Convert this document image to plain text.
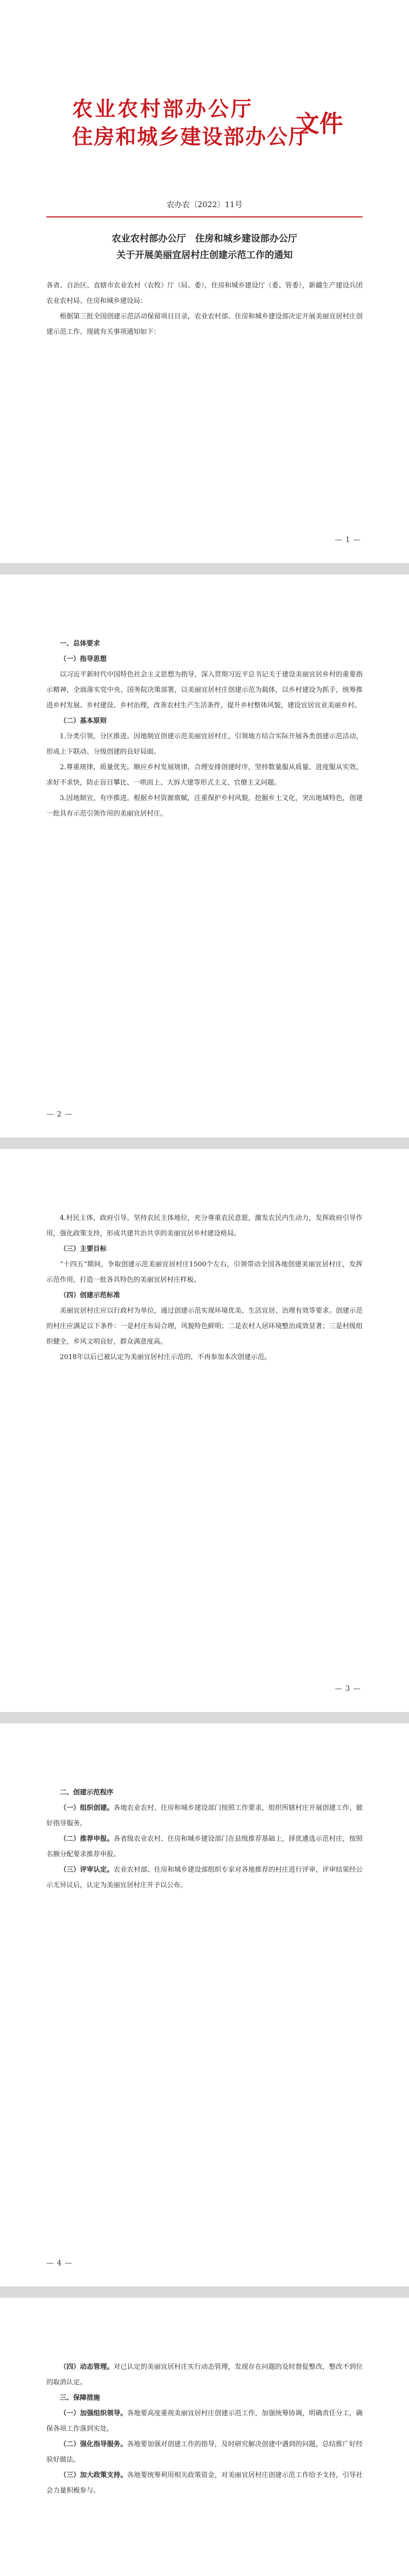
农业农村部办公厅
住房和城乡建设部办公厅
文件
农办农〔2022〕11号
农业农村部办公厅　住房和城乡建设部办公厅
关于开展美丽宜居村庄创建示范工作的通知

各省、自治区、直辖市农业农村（农牧）厅（局、委），住房和城乡建设厅（委、管委），新疆生产建设兵团农业农村局、住房和城乡建设局：

根据第三批全国创建示范活动保留项目目录，农业农村部、住房和城乡建设部决定开展美丽宜居村庄创建示范工作。现就有关事项通知如下：

— 1 —

一、总体要求

（一）指导思想

以习近平新时代中国特色社会主义思想为指导，深入贯彻习近平总书记关于建设美丽宜居乡村的重要指示精神，全面落实党中央、国务院决策部署，以美丽宜居村庄创建示范为载体，以乡村建设为抓手，统筹推进乡村发展、乡村建设、乡村治理，改善农村生产生活条件，提升乡村整体风貌，建设宜居宜业美丽乡村。

（二）基本原则

1.分类引领，分区推进。因地制宜创建示范美丽宜居村庄，引领地方结合实际开展各类创建示范活动，形成上下联动、分级创建的良好局面。

2.尊重规律，质量优先。顺应乡村发展规律，合理安排创建时序，坚持数量服从质量、进度服从实效，求好不求快，防止盲目攀比、一哄而上、大拆大建等形式主义、官僚主义问题。

3.因地制宜，有序推进。根据乡村资源禀赋，注重保护乡村风貌，挖掘乡土文化，突出地域特色，创建一批具有示范引领作用的美丽宜居村庄。

— 2 —

4.村民主体，政府引导。坚持农民主体地位，充分尊重农民意愿，激发农民内生动力，发挥政府引导作用，强化政策支持，形成共建共治共享的美丽宜居乡村建设格局。

（三）主要目标

“十四五”期间，争取创建示范美丽宜居村庄1500个左右，引领带动全国各地创建美丽宜居村庄，发挥示范作用，打造一批各具特色的美丽宜居村庄样板。

（四）创建示范标准

美丽宜居村庄应以行政村为单位，通过创建示范实现环境优美、生活宜居、治理有效等要求。创建示范的村庄应满足以下条件：一是村庄布局合理，风貌特色鲜明；二是农村人居环境整治成效显著；三是村级组织健全，乡风文明良好，群众满意度高。

2018年以后已被认定为美丽宜居村庄示范的，不再参加本次创建示范。

— 3 —

二、创建示范程序

（一）组织创建。各地农业农村、住房和城乡建设部门按照工作要求，组织所辖村庄开展创建工作，做好指导服务。

（二）推荐申报。各省级农业农村、住房和城乡建设部门在县级推荐基础上，择优遴选示范村庄，按照名额分配要求推荐申报。

（三）评审认定。农业农村部、住房和城乡建设部组织专家对各地推荐的村庄进行评审，评审结果经公示无异议后，认定为美丽宜居村庄并予以公布。

— 4 —

（四）动态管理。对已认定的美丽宜居村庄实行动态管理，发现存在问题的及时督促整改，整改不到位的取消认定。

三、保障措施

（一）加强组织领导。各地要高度重视美丽宜居村庄创建示范工作，加强统筹协调，明确责任分工，确保各项工作落到实处。

（二）强化指导服务。各地要加强对创建工作的指导，及时研究解决创建中遇到的问题，总结推广好经验好做法。

（三）加大政策支持。各地要统筹利用相关政策资金，对美丽宜居村庄创建示范工作给予支持，引导社会力量积极参与。
